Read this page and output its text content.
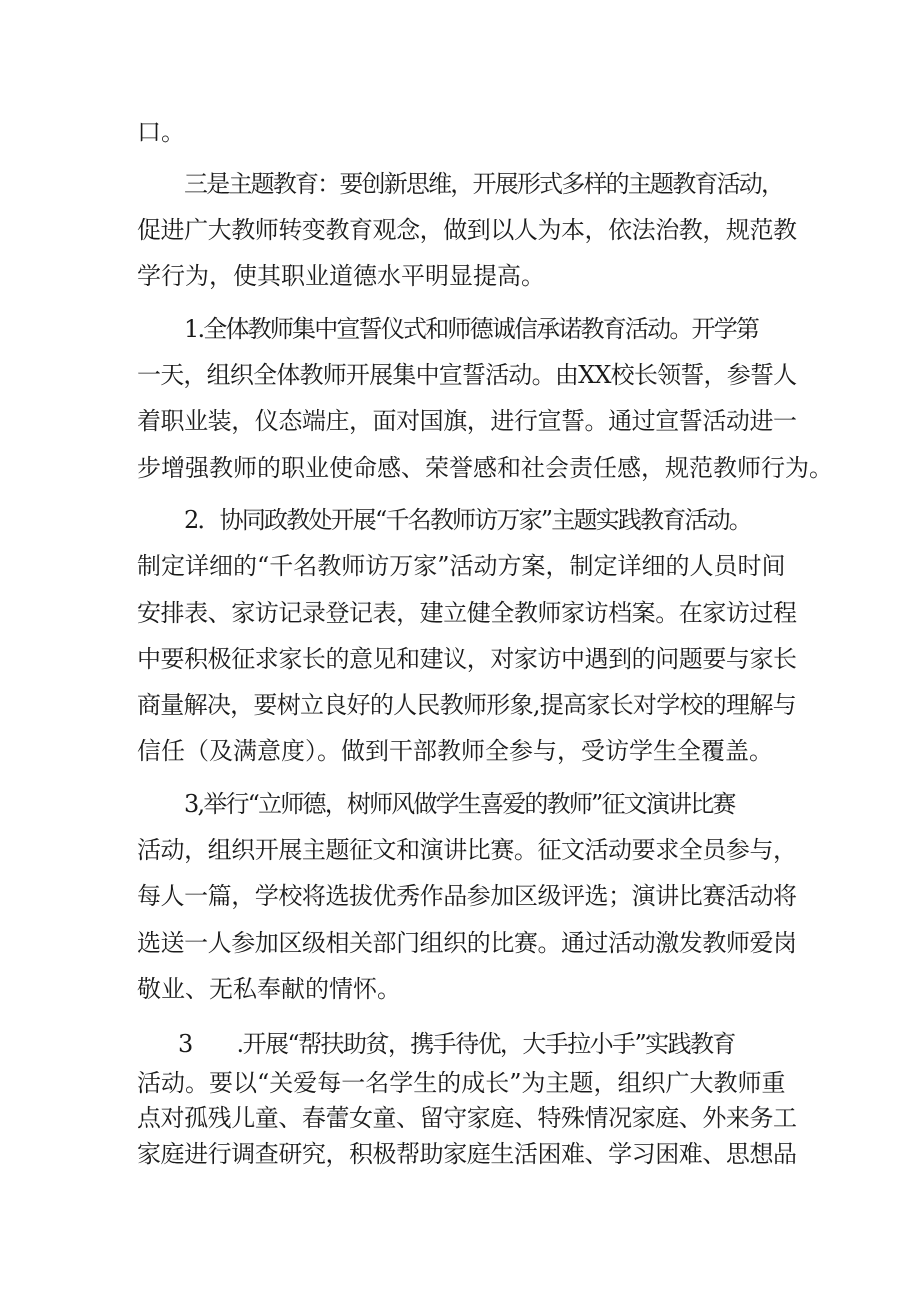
口。
三是主题教育：要创新思维，开展形式多样的主题教育活动，
促进广大教师转变教育观念，做到以人为本，依法治教，规范教
学行为，使其职业道德水平明显提高。
1.全体教师集中宣誓仪式和师德诚信承诺教育活动。开学第
一天，组织全体教师开展集中宣誓活动。由XX校长领誓，参誓人
着职业装，仪态端庄，面对国旗，进行宣誓。通过宣誓活动进一
步增强教师的职业使命感、荣誉感和社会责任感，规范教师行为。
2．协同政教处开展“千名教师访万家”主题实践教育活动。
制定详细的“千名教师访万家”活动方案，制定详细的人员时间
安排表、家访记录登记表，建立健全教师家访档案。在家访过程
中要积极征求家长的意见和建议，对家访中遇到的问题要与家长
商量解决，要树立良好的人民教师形象,提高家长对学校的理解与
信任（及满意度）。做到干部教师全参与，受访学生全覆盖。
3,举行“立师德，树师风做学生喜爱的教师”征文演讲比赛
活动，组织开展主题征文和演讲比赛。征文活动要求全员参与，
每人一篇，学校将选拔优秀作品参加区级评选；演讲比赛活动将
选送一人参加区级相关部门组织的比赛。通过活动激发教师爱岗
敬业、无私奉献的情怀。
3　　.开展“帮扶助贫，携手待优，大手拉小手”实践教育
活动。要以“关爱每一名学生的成长”为主题，组织广大教师重
点对孤残儿童、春蕾女童、留守家庭、特殊情况家庭、外来务工
家庭进行调查研究，积极帮助家庭生活困难、学习困难、思想品
